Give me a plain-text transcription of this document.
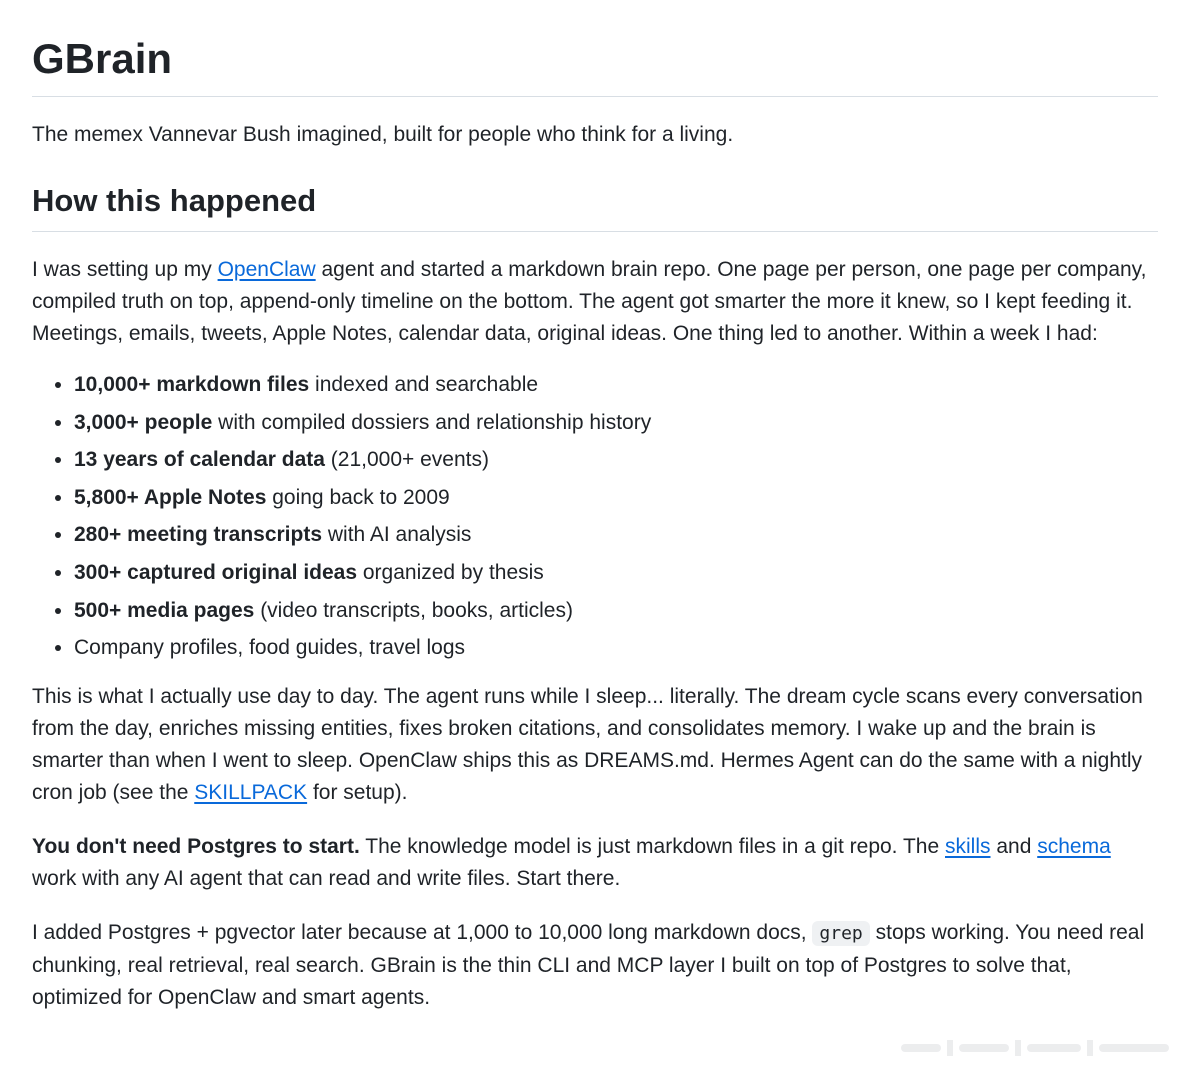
GBrain

The memex Vannevar Bush imagined, built for people who think for a living.

How this happened

I was setting up my OpenClaw agent and started a markdown brain repo. One page per person, one page per company, compiled truth on top, append-only timeline on the bottom. The agent got smarter the more it knew, so I kept feeding it. Meetings, emails, tweets, Apple Notes, calendar data, original ideas. One thing led to another. Within a week I had:

• 10,000+ markdown files indexed and searchable
• 3,000+ people with compiled dossiers and relationship history
• 13 years of calendar data (21,000+ events)
• 5,800+ Apple Notes going back to 2009
• 280+ meeting transcripts with AI analysis
• 300+ captured original ideas organized by thesis
• 500+ media pages (video transcripts, books, articles)
• Company profiles, food guides, travel logs

This is what I actually use day to day. The agent runs while I sleep... literally. The dream cycle scans every conversation from the day, enriches missing entities, fixes broken citations, and consolidates memory. I wake up and the brain is smarter than when I went to sleep. OpenClaw ships this as DREAMS.md. Hermes Agent can do the same with a nightly cron job (see the SKILLPACK for setup).

You don't need Postgres to start. The knowledge model is just markdown files in a git repo. The skills and schema work with any AI agent that can read and write files. Start there.

I added Postgres + pgvector later because at 1,000 to 10,000 long markdown docs, grep stops working. You need real chunking, real retrieval, real search. GBrain is the thin CLI and MCP layer I built on top of Postgres to solve that, optimized for OpenClaw and smart agents.
